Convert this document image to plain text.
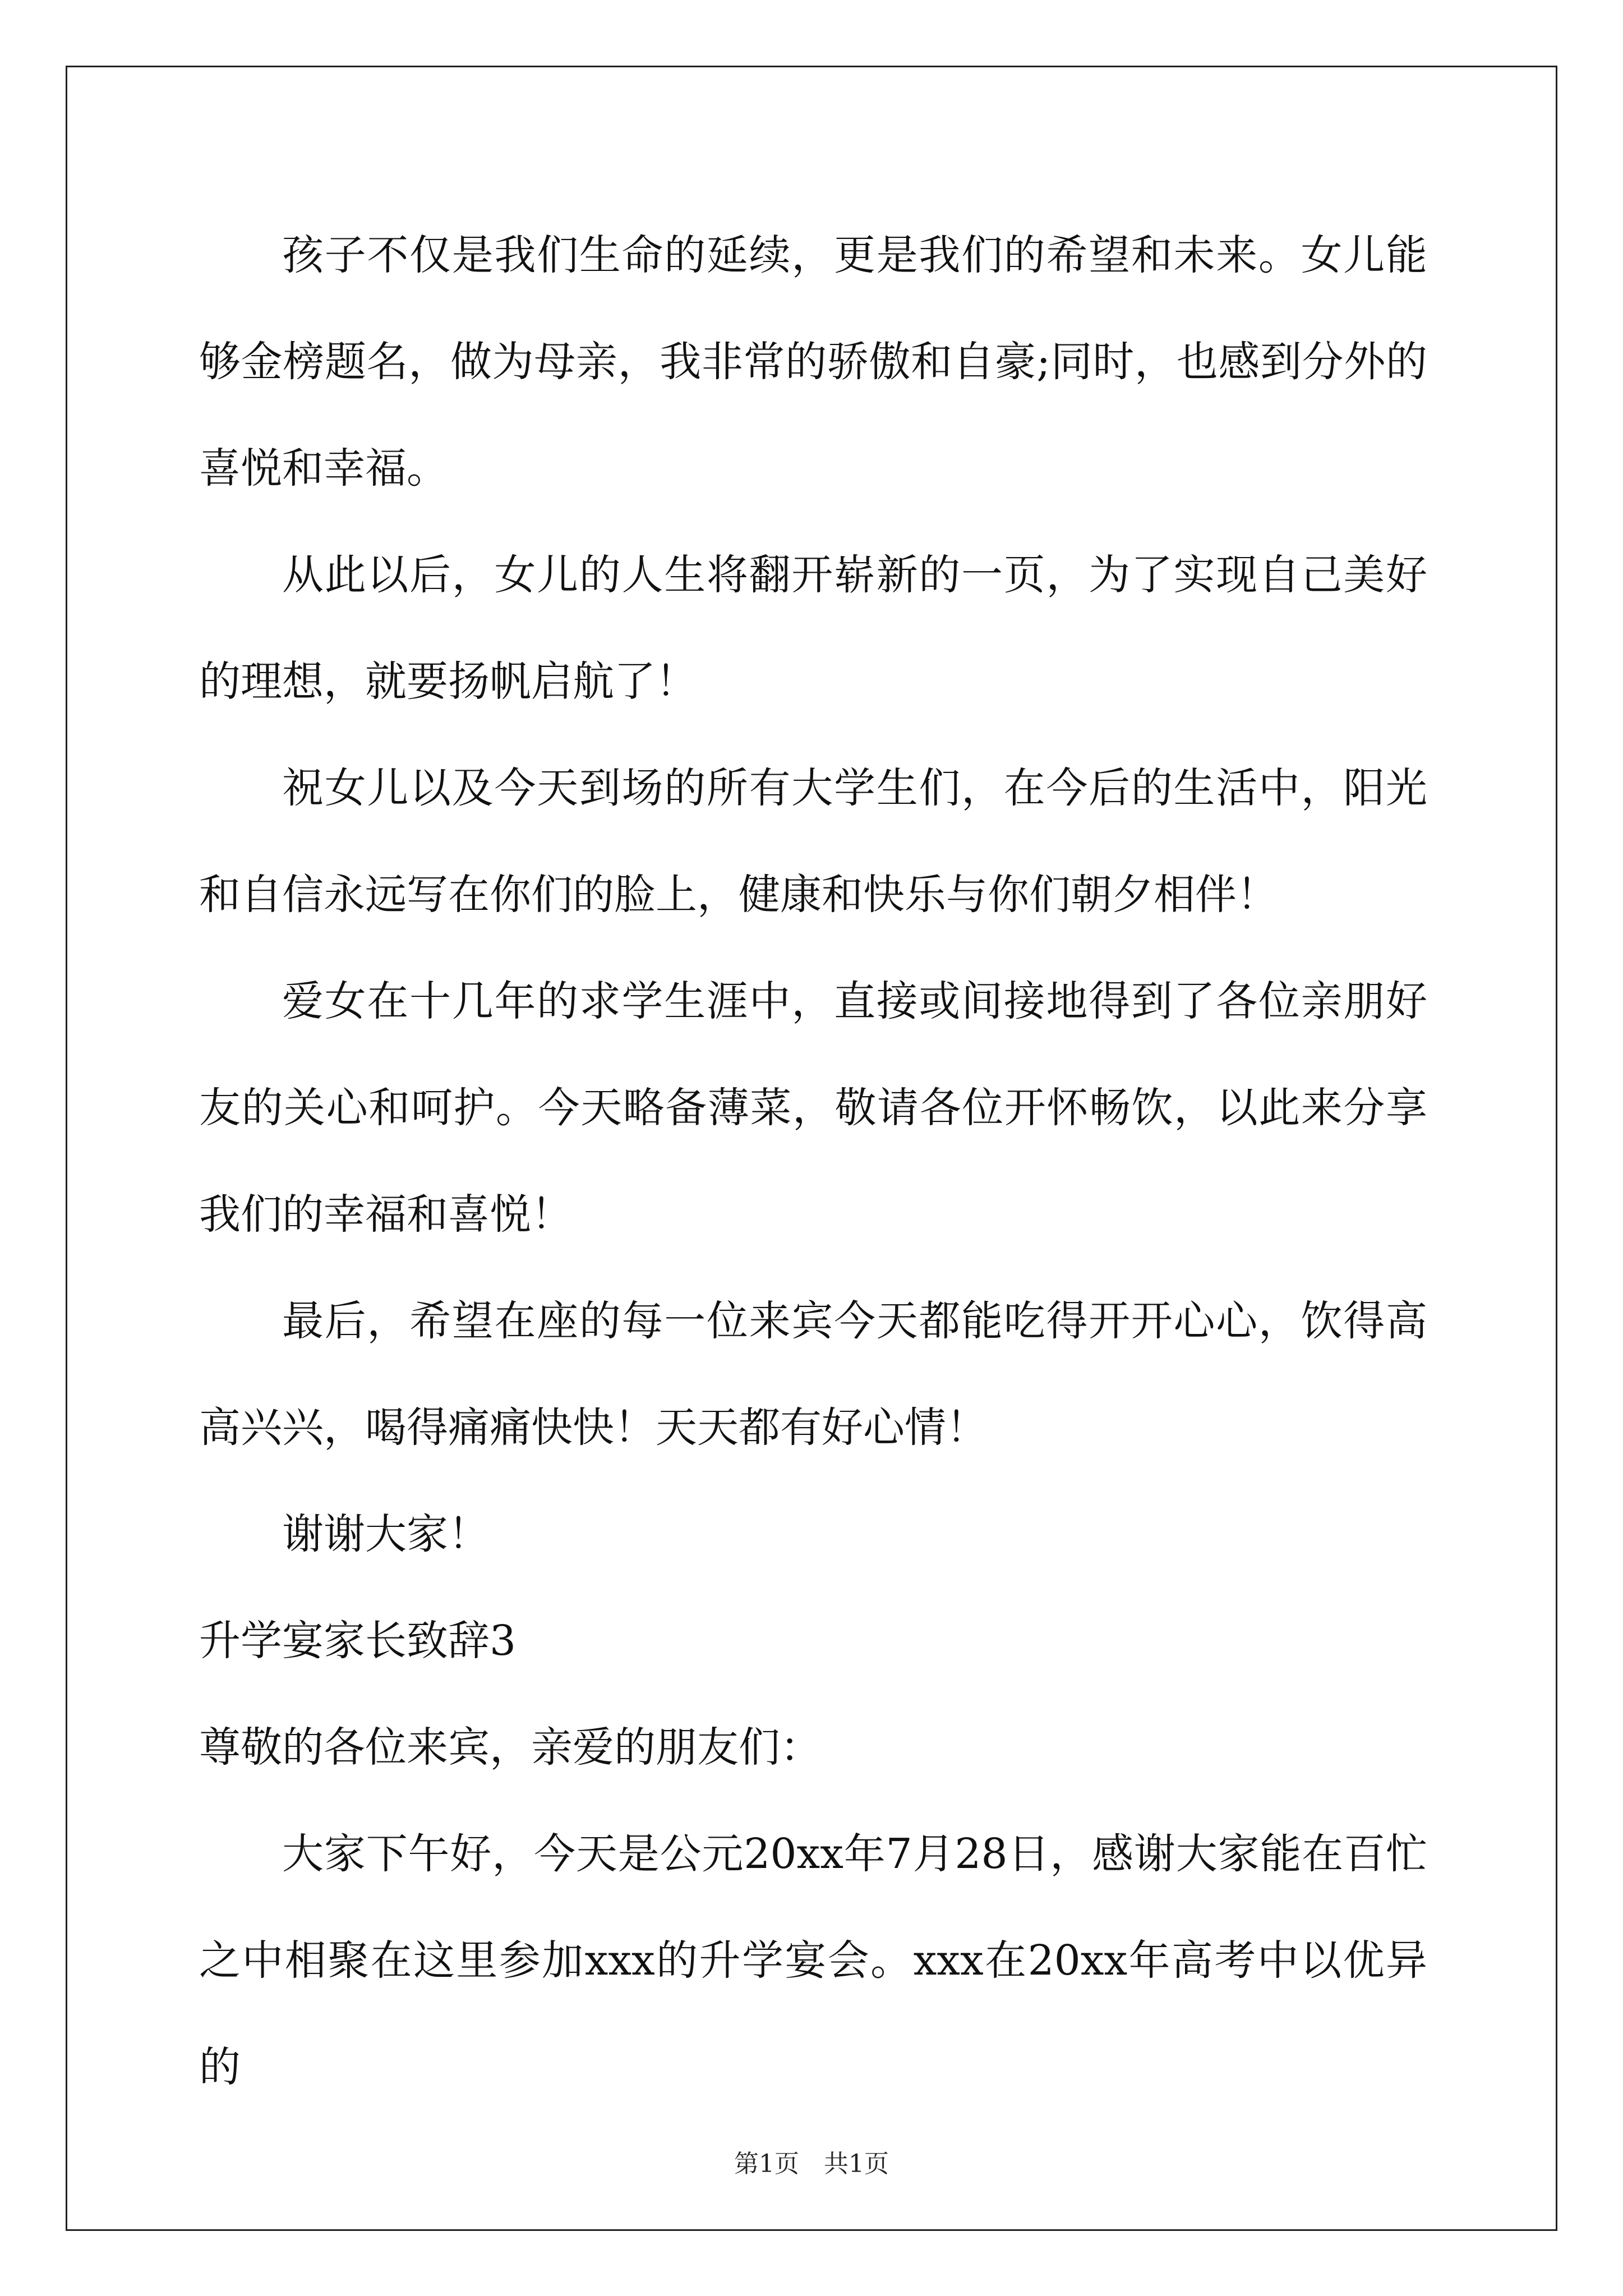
孩子不仅是我们生命的延续，更是我们的希望和未来。女儿能够金榜题名，做为母亲，我非常的骄傲和自豪;同时，也感到分外的喜悦和幸福。

从此以后，女儿的人生将翻开崭新的一页，为了实现自己美好的理想，就要扬帆启航了！

祝女儿以及今天到场的所有大学生们，在今后的生活中，阳光和自信永远写在你们的脸上，健康和快乐与你们朝夕相伴！

爱女在十几年的求学生涯中，直接或间接地得到了各位亲朋好友的关心和呵护。今天略备薄菜，敬请各位开怀畅饮，以此来分享我们的幸福和喜悦！

最后，希望在座的每一位来宾今天都能吃得开开心心，饮得高高兴兴，喝得痛痛快快！天天都有好心情！

谢谢大家！

升学宴家长致辞3

尊敬的各位来宾，亲爱的朋友们：

大家下午好，今天是公元20xx年7月28日，感谢大家能在百忙之中相聚在这里参加xxx的升学宴会。xxx在20xx年高考中以优异的

第1页　共1页
